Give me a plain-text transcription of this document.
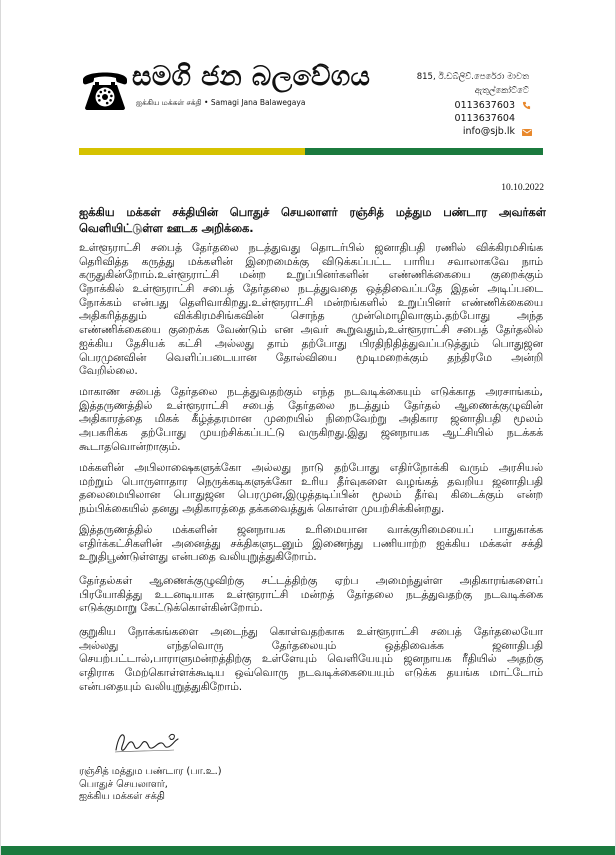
සමගි ජන බලවේගය
ஐக்கிய மக்கள் சக்தி • Samagi Jana Balawegaya
815, ඊ.ඩබ්ලිව්.පෙරේරා මාවත
ඇතුල්කෝට්ටේ
0113637603
0113637604
info@sjb.lk
10.10.2022
ஐக்கிய மக்கள் சக்தியின் பொதுச் செயலாளர் ரஞ்சித் மத்தும பண்டார அவர்கள்
வெளியிட்டுள்ள ஊடக அறிக்கை.
உள்ளூராட்சி சபைத் தேர்தலை நடத்துவது தொடர்பில் ஜனாதிபதி ரணில் விக்கிரமசிங்க
தெரிவித்த கருத்து மக்களின் இறைமைக்கு விடுக்கப்பட்ட பாரிய சவாலாகவே நாம்
கருதுகின்றோம்.உள்ளூராட்சி மன்ற உறுப்பினர்களின் எண்ணிக்கையை குறைக்கும்
நோக்கில் உள்ளூராட்சி சபைத் தேர்தலை நடத்துவதை ஒத்திவைப்பதே இதன் அடிப்படை
நோக்கம் என்பது தெளிவாகிறது.உள்ளூராட்சி மன்றங்களில் உறுப்பினர் எண்ணிக்கையை
அதிகரித்ததும் விக்கிரமசிங்கவின் சொந்த முன்மொழிவாகும்.தற்போது அந்த
எண்ணிக்கையை குறைக்க வேண்டும் என அவர் கூறுவதும்,உள்ளூராட்சி சபைத் தேர்தலில்
ஐக்கிய தேசியக் கட்சி அல்லது தாம் தற்போது பிரதிநிதித்துவப்படுத்தும் பொதுஜன
பெரமுனவின் வெளிப்படையான தோல்வியை மூடிமறைக்கும் தந்திரமே அன்றி
வேறில்லை.
மாகாண சபைத் தேர்தலை நடத்துவதற்கும் எந்த நடவடிக்கையும் எடுக்காத அரசாங்கம்,
இத்தருணத்தில் உள்ளூராட்சி சபைத் தேர்தலை நடத்தும் தேர்தல் ஆணைக்குழுவின்
அதிகாரத்தை மிகக் கீழ்த்தரமான முறையில் நிறைவேற்று அதிகார ஜனாதிபதி மூலம்
அபகரிக்க தற்போது முயற்சிக்கப்பட்டு வருகிறது.இது ஜனநாயக ஆட்சியில் நடக்கக்
கூடாதவொன்றாகும்.
மக்களின் அபிலாஷைகளுக்கோ அல்லது நாடு தற்போது எதிர்நோக்கி வரும் அரசியல்
மற்றும் பொருளாதார நெருக்கடிகளுக்கோ உரிய தீர்வுகளை வழங்கத் தவறிய ஜனாதிபதி
தலைமையிலான பொதுஜன பெரமுன,இழுத்தடிப்பின் மூலம் தீர்வு கிடைக்கும் என்ற
நம்பிக்கையில் தனது அதிகாரத்தை தக்கவைத்துக் கொள்ள முயற்சிக்கின்றது.
இத்தருணத்தில் மக்களின் ஜனநாயக உரிமையான வாக்குரிமையைப் பாதுகாக்க
எதிர்க்கட்சிகளின் அனைத்து சக்திகளுடனும் இணைந்து பணியாற்ற ஐக்கிய மக்கள் சக்தி
உறுதிபூண்டுள்ளது என்பதை வலியுறுத்துகிறோம்.
தேர்தல்கள் ஆணைக்குழுவிற்கு சட்டத்திற்கு ஏற்ப அமைந்துள்ள அதிகாரங்களைப்
பிரயோகித்து உடனடியாக உள்ளூராட்சி மன்றத் தேர்தலை நடத்துவதற்கு நடவடிக்கை
எடுக்குமாறு கேட்டுக்கொள்கின்றோம்.
குறுகிய நோக்கங்களை அடைந்து கொள்வதற்காக உள்ளூராட்சி சபைத் தேர்தலையோ
அல்லது எந்தவொரு தேர்தலையும் ஒத்திவைக்க ஜனாதிபதி
செயற்பட்டால்,பாராளுமன்றத்திற்கு உள்ளேயும் வெளியேயும் ஜனநாயக ரீதியில் அதற்கு
எதிராக மேற்கொள்ளக்கூடிய ஒவ்வொரு நடவடிக்கையையும் எடுக்க தயங்க மாட்டோம்
என்பதையும் வலியுறுத்துகிறோம்.
ரஞ்சித் மத்தும பண்டார (பா.உ.)
பொதுச் செயலாளர்,
ஐக்கிய மக்கள் சக்தி
